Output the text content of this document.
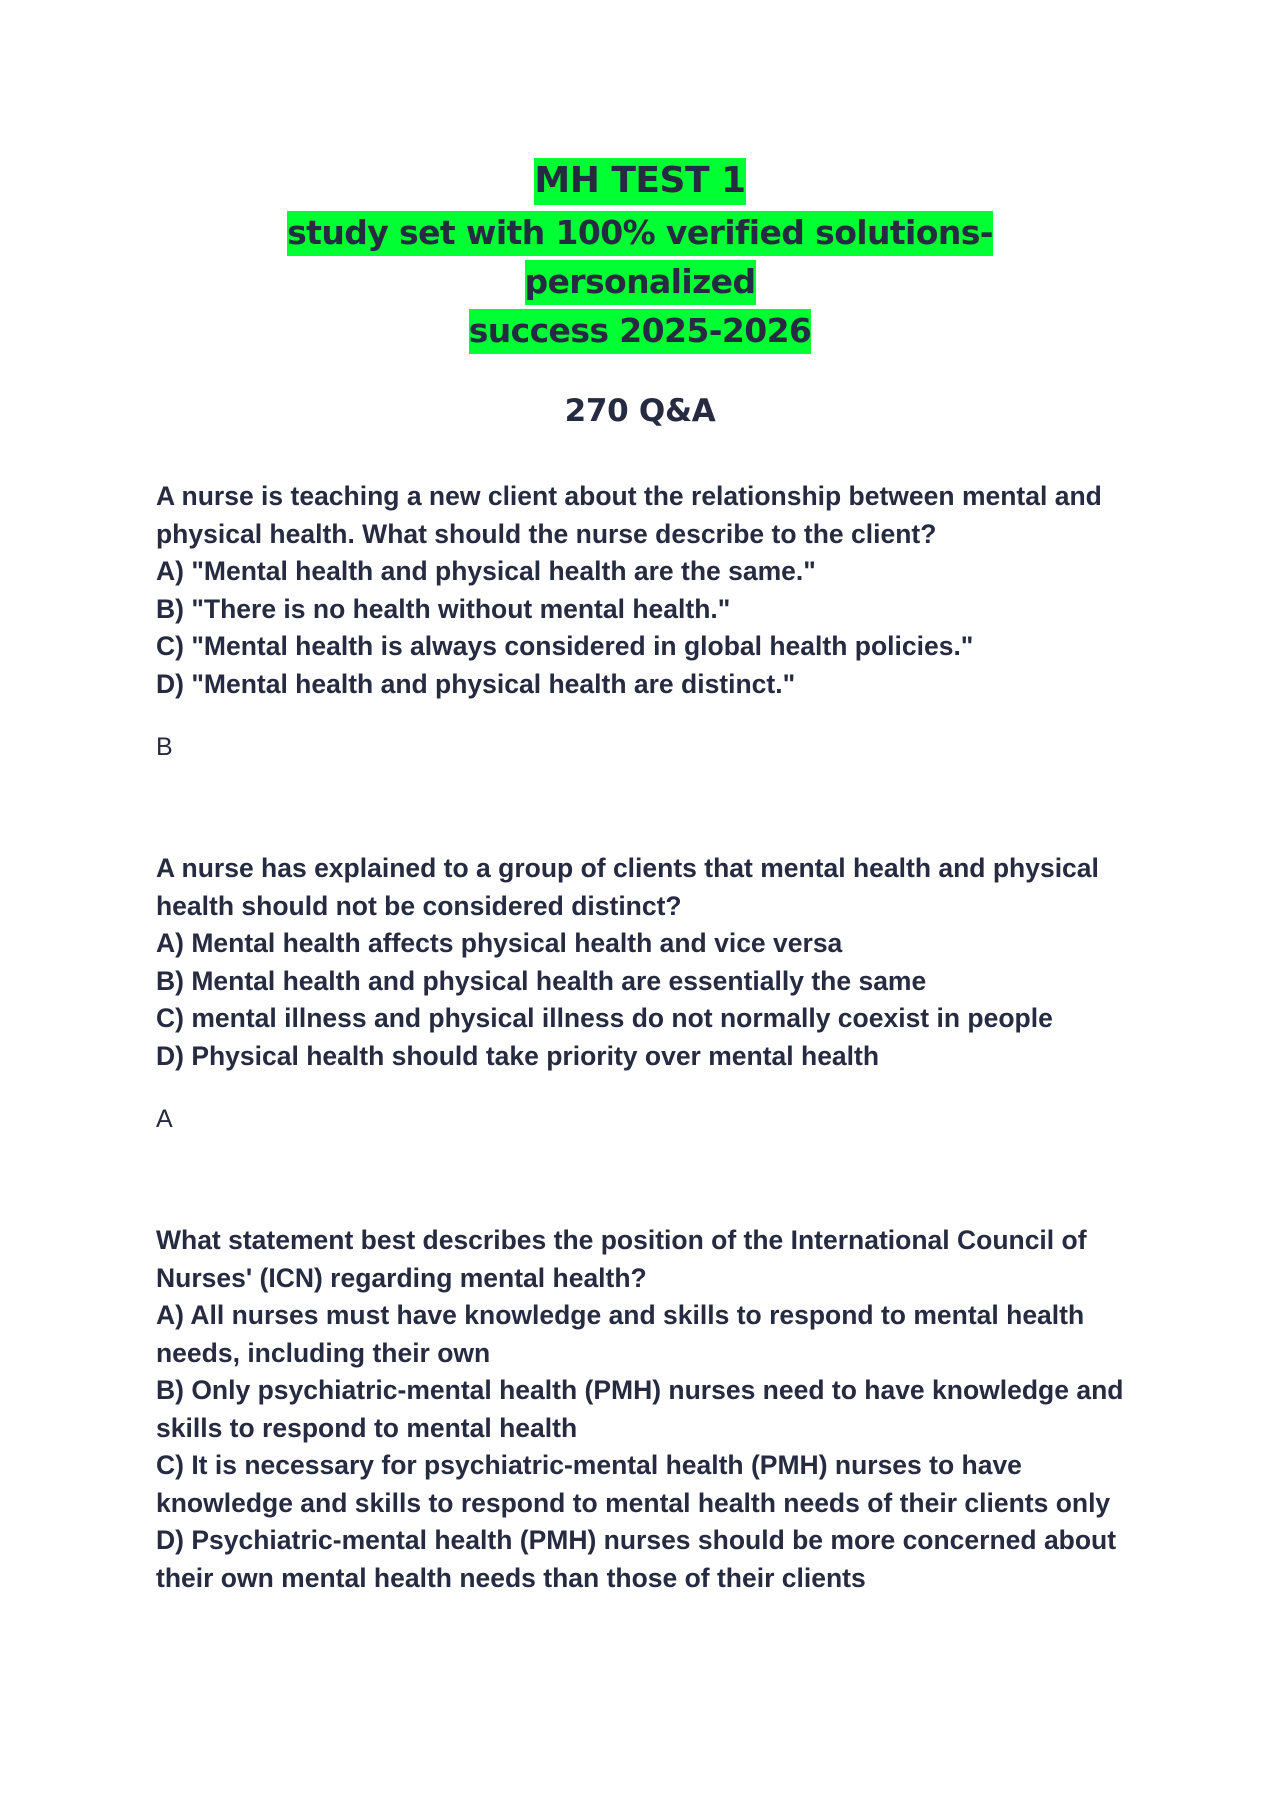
MH TEST 1
study set with 100% verified solutions-personalized
success 2025-2026
270 Q&A
A nurse is teaching a new client about the relationship between mental and physical health. What should the nurse describe to the client?
A) "Mental health and physical health are the same."
B) "There is no health without mental health."
C) "Mental health is always considered in global health policies."
D) "Mental health and physical health are distinct."
B
A nurse has explained to a group of clients that mental health and physical health should not be considered distinct?
A) Mental health affects physical health and vice versa
B) Mental health and physical health are essentially the same
C) mental illness and physical illness do not normally coexist in people
D) Physical health should take priority over mental health
A
What statement best describes the position of the International Council of Nurses' (ICN) regarding mental health?
A) All nurses must have knowledge and skills to respond to mental health needs, including their own
B) Only psychiatric-mental health (PMH) nurses need to have knowledge and skills to respond to mental health
C) It is necessary for psychiatric-mental health (PMH) nurses to have knowledge and skills to respond to mental health needs of their clients only
D) Psychiatric-mental health (PMH) nurses should be more concerned about their own mental health needs than those of their clients
